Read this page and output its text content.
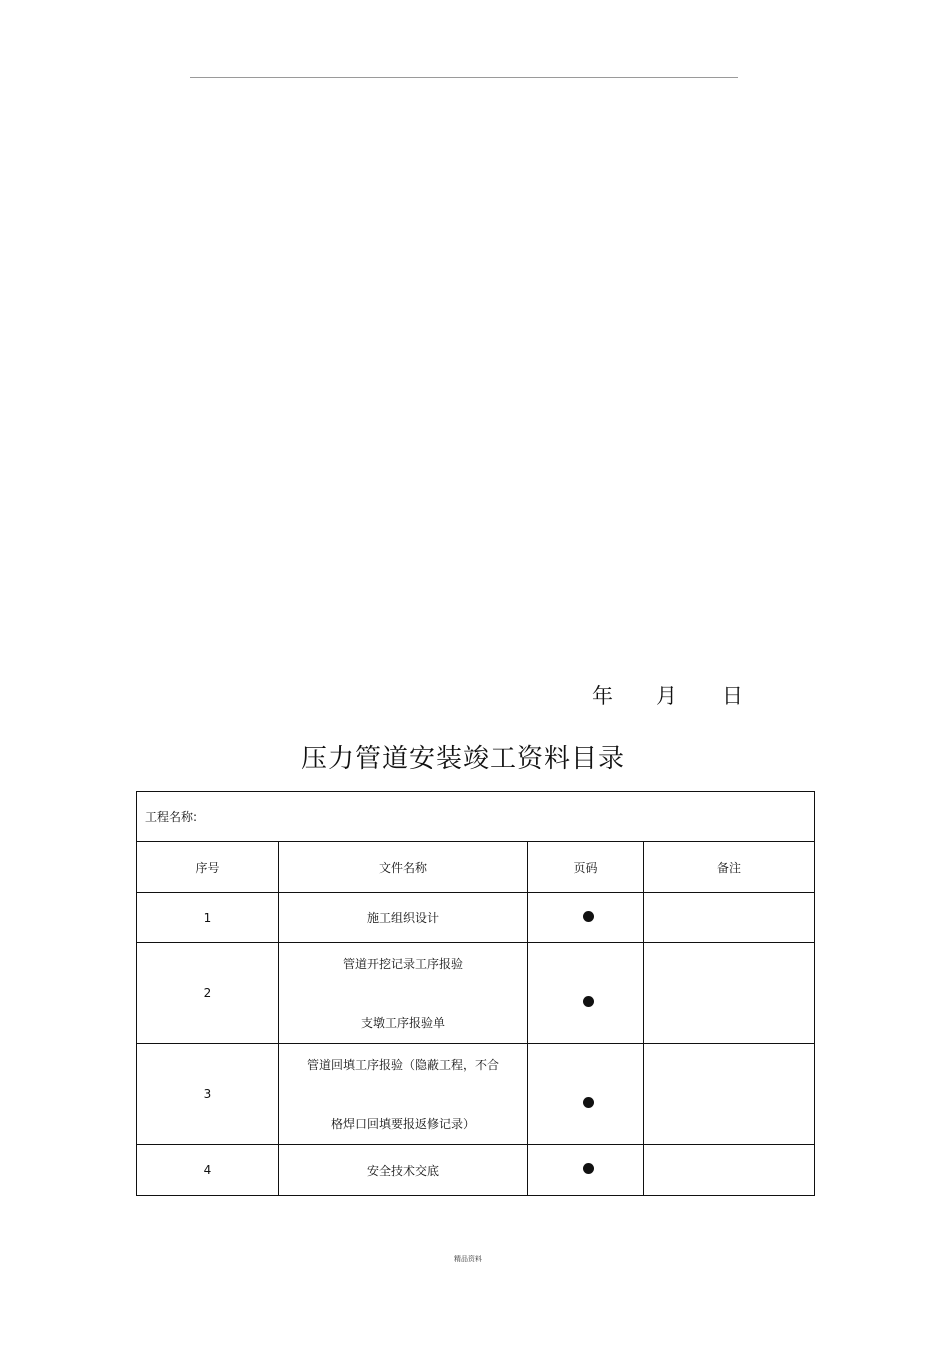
年 月 日
压力管道安装竣工资料目录
工程名称:			
序号	文件名称	页码	备注
1	施工组织设计		
2	管道开挖记录工序报验
支墩工序报验单		

3	管道回填工序报验（隐蔽工程，不合
格焊口回填要报返修记录）		

4	安全技术交底		
精品资料
